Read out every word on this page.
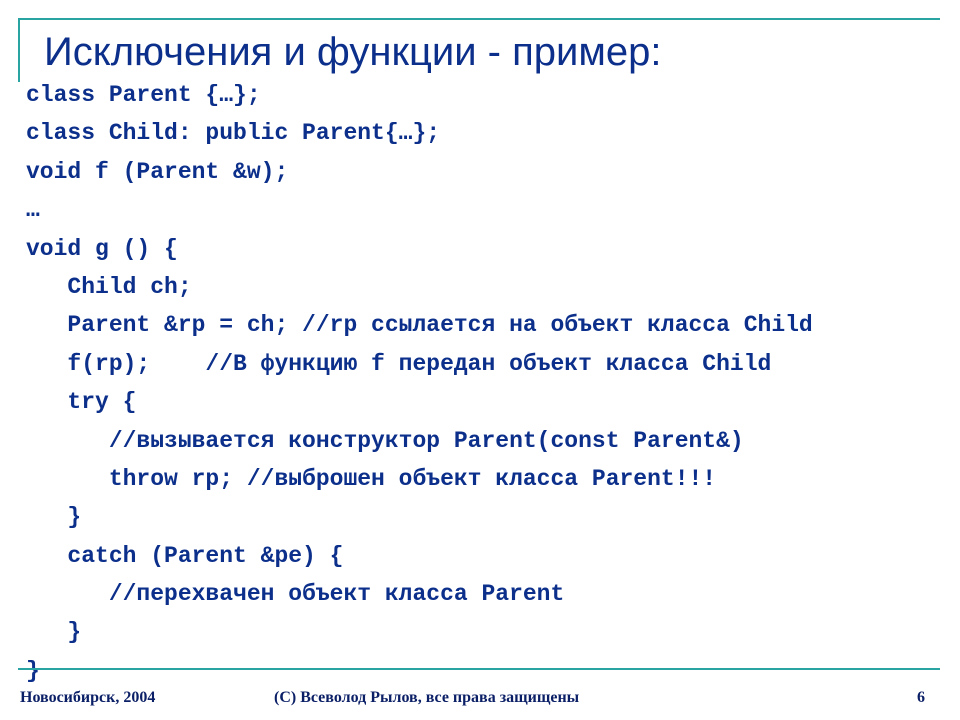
Исключения и функции - пример:
class Parent {…};
class Child: public Parent{…};
void f (Parent &w);
…
void g () {
Child ch;
Parent &rp = ch; //rp ссылается на объект класса Child
f(rp);    //В функцию f передан объект класса Child
try {
//вызывается конструктор Parent(const Parent&)
throw rp; //выброшен объект класса Parent!!!
}
catch (Parent &pe) {
//перехвачен объект класса Parent
}
}
Новосибирск, 2004	(С) Всеволод Рылов, все права защищены	6
